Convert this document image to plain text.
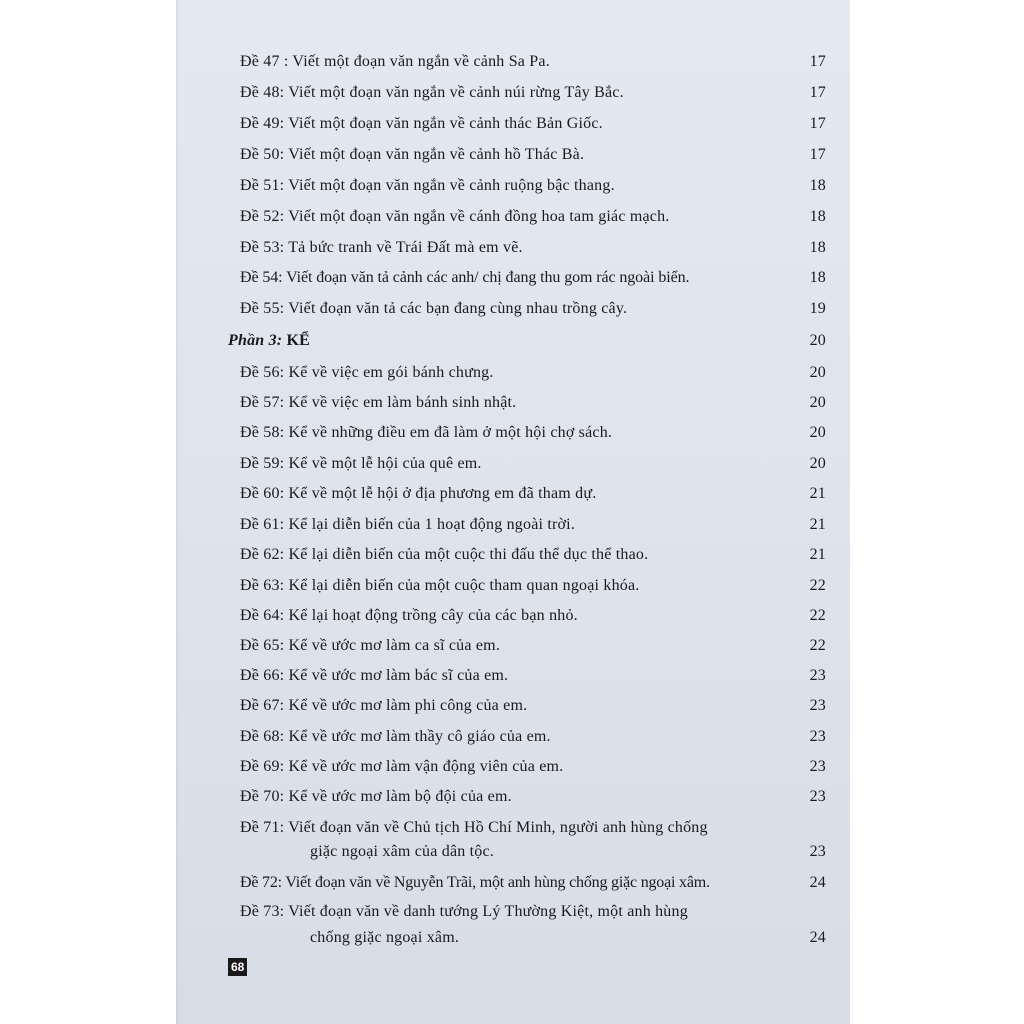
Đề 47 : Viết một đoạn văn ngắn về cảnh Sa Pa.	17
Đề 48: Viết một đoạn văn ngắn về cảnh núi rừng Tây Bắc.	17
Đề 49: Viết một đoạn văn ngắn về cảnh thác Bản Giốc.	17
Đề 50: Viết một đoạn văn ngắn về cảnh hồ Thác Bà.	17
Đề 51: Viết một đoạn văn ngắn về cảnh ruộng bậc thang.	18
Đề 52: Viết một đoạn văn ngắn về cánh đồng hoa tam giác mạch.	18
Đề 53: Tả bức tranh về Trái Đất mà em vẽ.	18
Đề 54: Viết đoạn văn tả cảnh các anh/ chị đang thu gom rác ngoài biển.	18
Đề 55: Viết đoạn văn tả các bạn đang cùng nhau trồng cây.	19
Phần 3: KỂ	20
Đề 56: Kể về việc em gói bánh chưng.	20
Đề 57: Kể về việc em làm bánh sinh nhật.	20
Đề 58: Kể về những điều em đã làm ở một hội chợ sách.	20
Đề 59: Kể về một lễ hội của quê em.	20
Đề 60: Kể về một lễ hội ở địa phương em đã tham dự.	21
Đề 61: Kể lại diễn biến của 1 hoạt động ngoài trời.	21
Đề 62: Kể lại diễn biến của một cuộc thi đấu thể dục thể thao.	21
Đề 63: Kể lại diễn biến của một cuộc tham quan ngoại khóa.	22
Đề 64: Kể lại hoạt động trồng cây của các bạn nhỏ.	22
Đề 65: Kể về ước mơ làm ca sĩ của em.	22
Đề 66: Kể về ước mơ làm bác sĩ của em.	23
Đề 67: Kể về ước mơ làm phi công của em.	23
Đề 68: Kể về ước mơ làm thầy cô giáo của em.	23
Đề 69: Kể về ước mơ làm vận động viên của em.	23
Đề 70: Kể về ước mơ làm bộ đội của em.	23
Đề 71: Viết đoạn văn về Chủ tịch Hồ Chí Minh, người anh hùng chống
giặc ngoại xâm của dân tộc.	23
Đề 72: Viết đoạn văn về Nguyễn Trãi, một anh hùng chống giặc ngoại xâm.	24
Đề 73: Viết đoạn văn về danh tướng Lý Thường Kiệt, một anh hùng
chống giặc ngoại xâm.	24
68
